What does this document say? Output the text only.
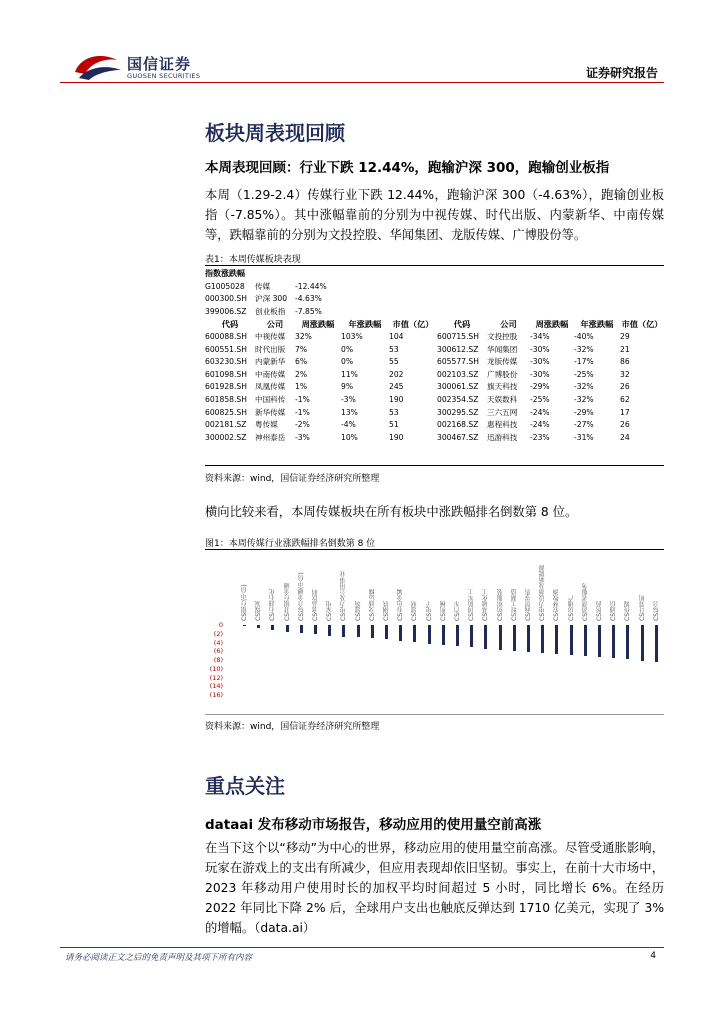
国信证券
GUOSEN SECURITIES	证券研究报告
板块周表现回顾
本周表现回顾：行业下跌 12.44%，跑输沪深 300，跑输创业板指
本周（1.29-2.4）传媒行业下跌 12.44%，跑输沪深 300（-4.63%），跑输创业板指（-7.85%）。其中涨幅靠前的分别为中视传媒、时代出版、内蒙新华、中南传媒等，跌幅靠前的分别为文投控股、华闻集团、龙版传媒、广博股份等。
表1：本周传媒板块表现
指数涨跌幅									
G1005028	传媒	-12.44%							
000300.SH	沪深 300	-4.63%							
399006.SZ	创业板指	-7.85%							
代码	公司	周涨跌幅	年涨跌幅	市值（亿）	代码	公司	周涨跌幅	年涨跌幅	市值（亿）
600088.SH	中视传媒	32%	103%	104	600715.SH	文投控股	-34%	-40%	29
600551.SH	时代出版	7%	0%	53	300612.SZ	华闻集团	-30%	-32%	21
603230.SH	内蒙新华	6%	0%	55	605577.SH	龙版传媒	-30%	-17%	86
601098.SH	中南传媒	2%	11%	202	002103.SZ	广博股份	-30%	-25%	32
601928.SH	凤凰传媒	1%	9%	245	300061.SZ	旗天科技	-29%	-32%	26
601858.SH	中国科传	-1%	-3%	190	002354.SZ	天娱数科	-25%	-32%	62
600825.SH	新华传媒	-1%	13%	53	300295.SZ	三六五网	-24%	-29%	17
002181.SZ	粤传媒	-2%	-4%	51	002168.SZ	惠程科技	-24%	-27%	26
300002.SZ	神州泰岳	-3%	10%	190	300467.SZ	迅游科技	-23%	-31%	24
资料来源：wind，国信证券经济研究所整理
横向比较来看，本周传媒板块在所有板块中涨跌幅排名倒数第 8 位。
图1：本周传媒行业涨跌幅排名倒数第 8 位
0
(2)
(4)
(6)
(8)
(10)
(12)
(14)
(16)
CS银行(中信) CS煤炭 CS石油石化 CS非银行金融 CS综合金融(中信) CS食品饮料 CS家电 CS电力及公用事业 CS建筑 CS交通运输 CS钢铁 CS有色金属 CS建材 CS电子 CS机械 CS汽车 CS国防军工 CS基础化工 CS纺织服装 CS轻工制造 CS商贸零售 CS电力设备及新能源 CS农林牧渔 CS房地产 CS消费者服务 CS医药 CS通信 CS传媒 CS计算机 CS综合
资料来源：wind，国信证券经济研究所整理
重点关注
dataai 发布移动市场报告，移动应用的使用量空前高涨
在当下这个以“移动”为中心的世界，移动应用的使用量空前高涨。尽管受通胀影响，玩家在游戏上的支出有所减少，但应用表现却依旧坚韧。事实上，在前十大市场中，2023 年移动用户使用时长的加权平均时间超过 5 小时，同比增长 6%。在经历 2022 年同比下降 2% 后，全球用户支出也触底反弹达到 1710 亿美元，实现了 3% 的增幅。（data.ai）
请务必阅读正文之后的免责声明及其项下所有内容	4
